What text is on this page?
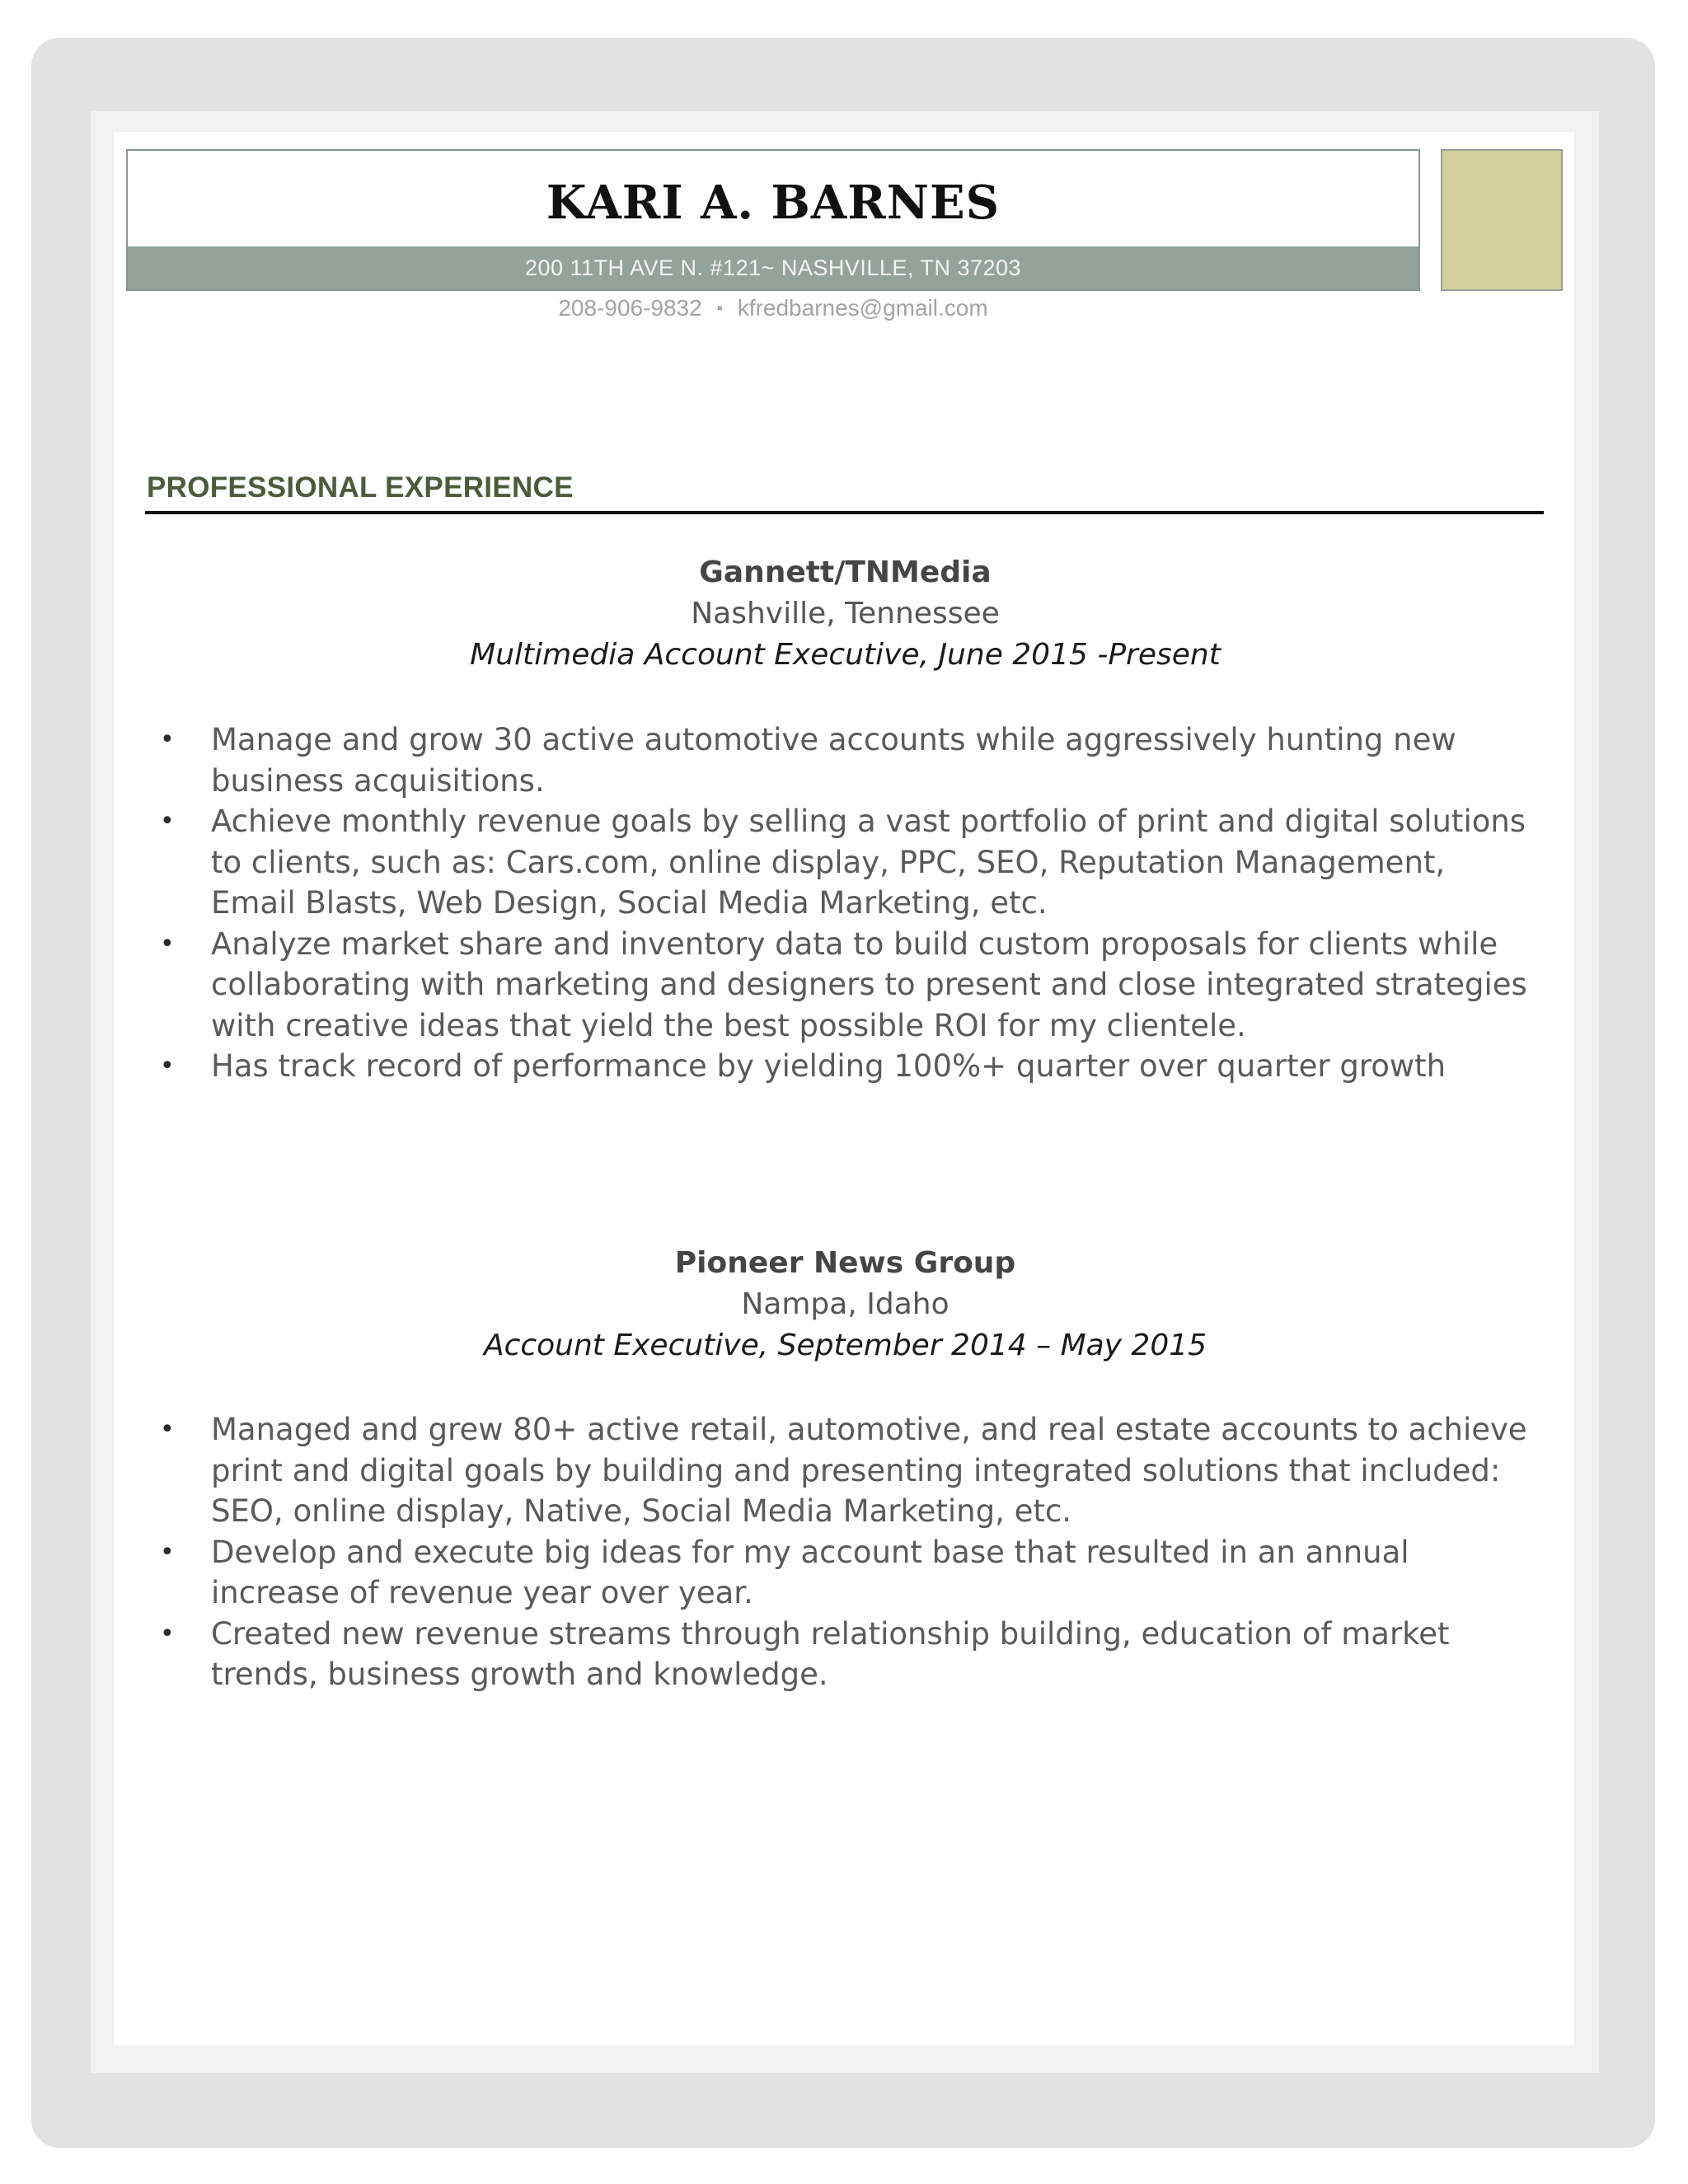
KARI A. BARNES
200 11TH AVE N. #121~ NASHVILLE, TN 37203
208-906-9832 ▪ kfredbarnes@gmail.com
PROFESSIONAL EXPERIENCE
Gannett/TNMedia
Nashville, Tennessee
Multimedia Account Executive, June 2015 -Present
• Manage and grow 30 active automotive accounts while aggressively hunting new business acquisitions.
• Achieve monthly revenue goals by selling a vast portfolio of print and digital solutions to clients, such as: Cars.com, online display, PPC, SEO, Reputation Management, Email Blasts, Web Design, Social Media Marketing, etc.
• Analyze market share and inventory data to build custom proposals for clients while collaborating with marketing and designers to present and close integrated strategies with creative ideas that yield the best possible ROI for my clientele.
• Has track record of performance by yielding 100%+ quarter over quarter growth
Pioneer News Group
Nampa, Idaho
Account Executive, September 2014 – May 2015
• Managed and grew 80+ active retail, automotive, and real estate accounts to achieve print and digital goals by building and presenting integrated solutions that included: SEO, online display, Native, Social Media Marketing, etc.
• Develop and execute big ideas for my account base that resulted in an annual increase of revenue year over year.
• Created new revenue streams through relationship building, education of market trends, business growth and knowledge.
